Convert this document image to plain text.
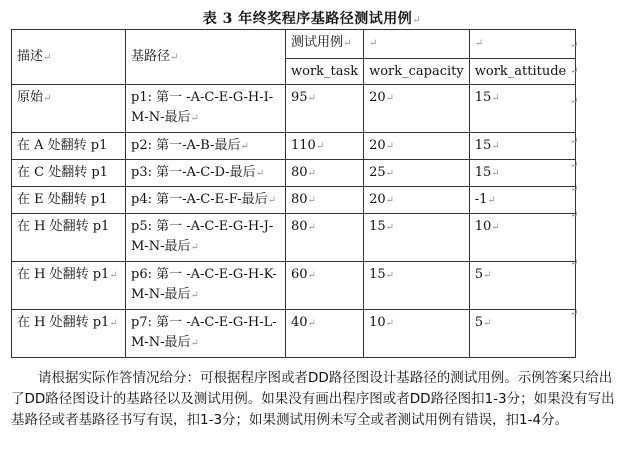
表 3 年终奖程序基路径测试用例↵
描述↵	基路径↵	测试用例↵	↵	↵
		work_task	work_capacity	work_attitude
原始↵	p1: 第一 -A-C-E-G-H-I-M-N-最后↵	95↵	20↵	15↵
在 A 处翻转 p1	p2: 第一-A-B-最后↵	110↵	20↵	15↵
在 C 处翻转 p1	p3: 第一-A-C-D-最后↵	80↵	25↵	15↵
在 E 处翻转 p1	p4: 第一-A-C-E-F-最后↵	80↵	20↵	-1↵
在 H 处翻转 p1	p5: 第一 -A-C-E-G-H-J-M-N-最后↵	80↵	15↵	10↵
在 H 处翻转 p1↵	p6: 第一 -A-C-E-G-H-K-M-N-最后↵	60↵	15↵	5↵
在 H 处翻转 p1↵	p7: 第一 -A-C-E-G-H-L-M-N-最后↵	40↵	10↵	5↵
↵
↵
↵
↵
↵
↵
↵
↵
↵
请根据实际作答情况给分：可根据程序图或者DD路径图设计基路径的测试用例。示例答案只给出了DD路径图设计的基路径以及测试用例。如果没有画出程序图或者DD路径图扣1-3分；如果没有写出基路径或者基路径书写有误，扣1-3分；如果测试用例未写全或者测试用例有错误，扣1-4分。
